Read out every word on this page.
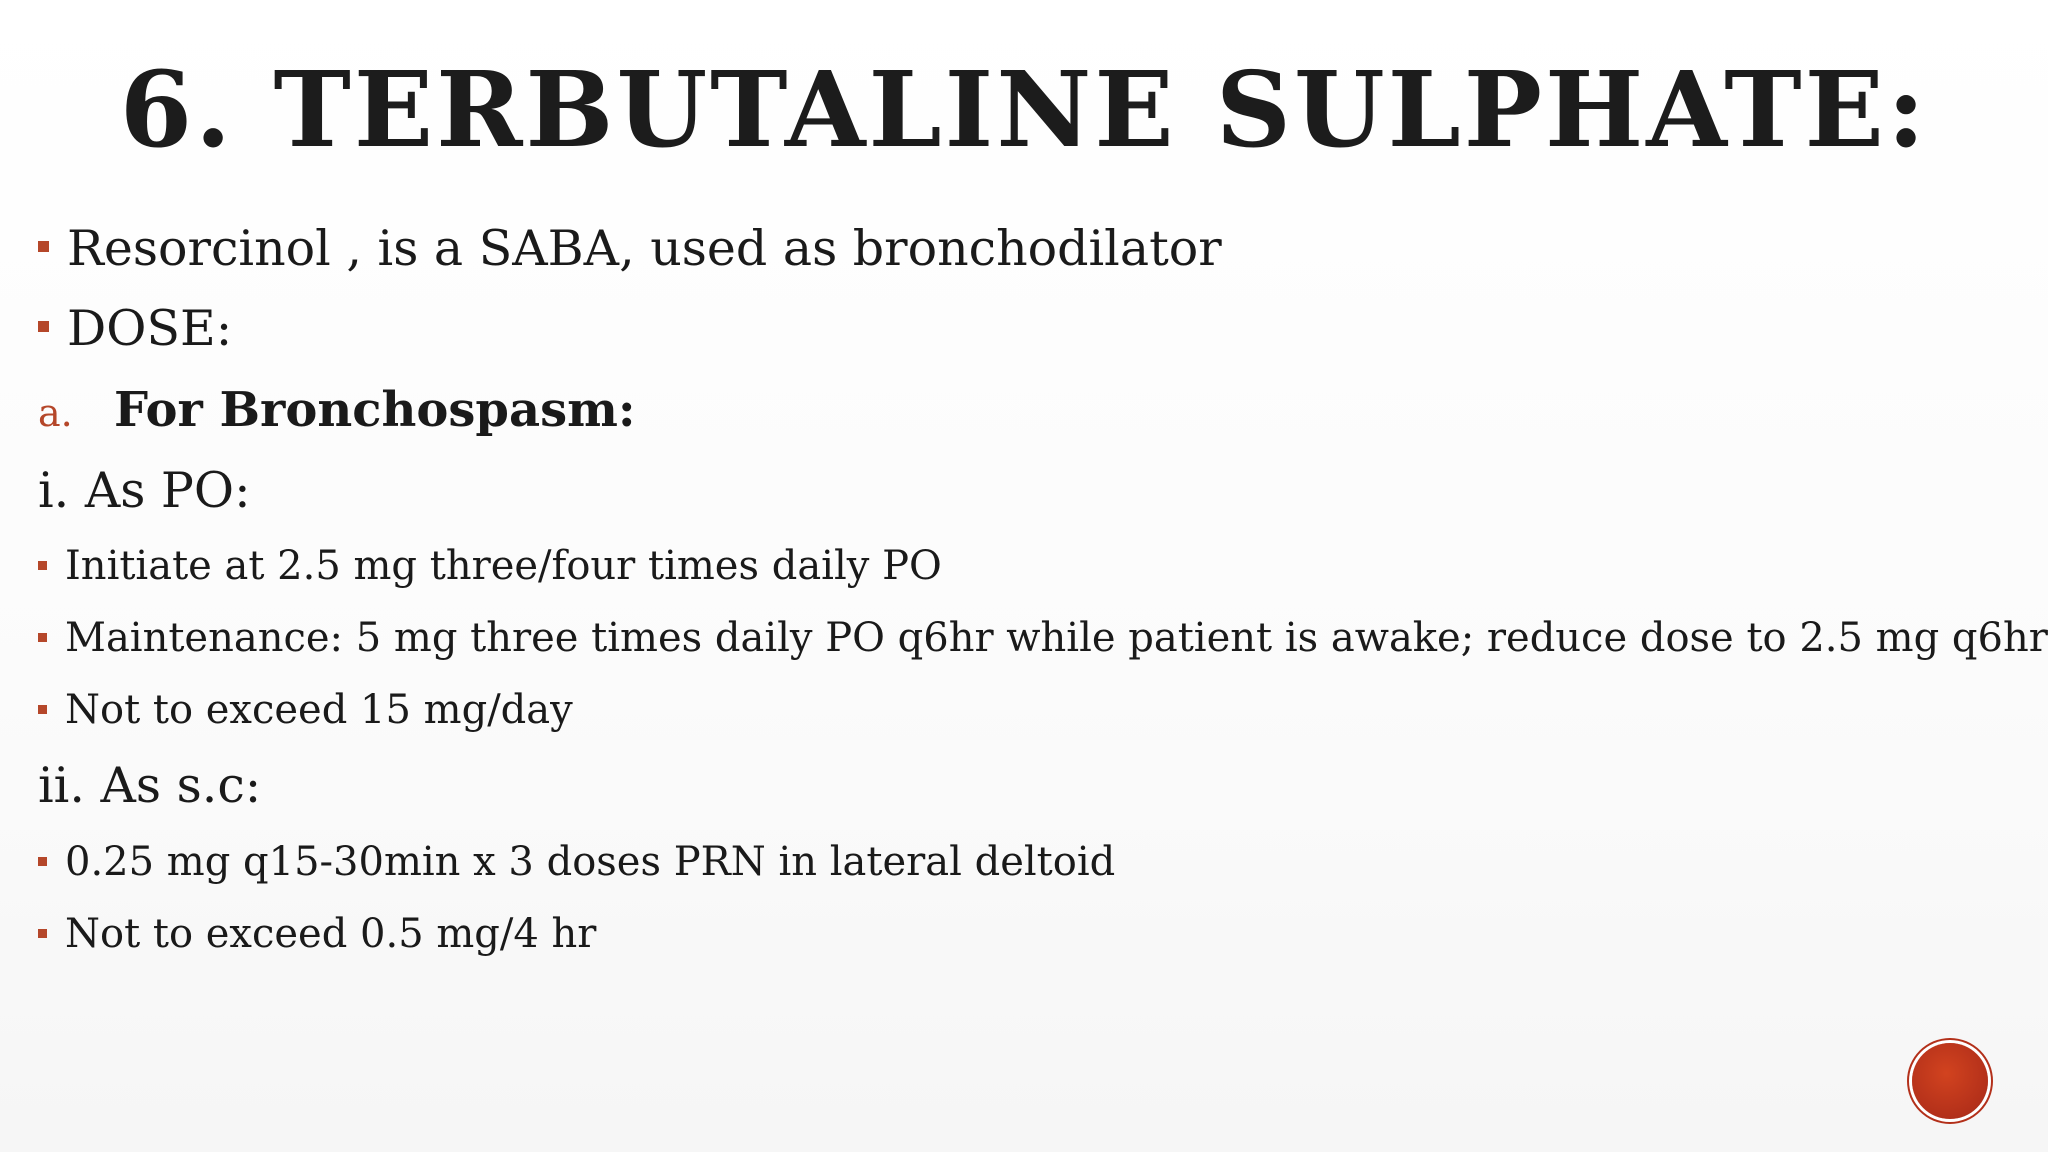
6. TERBUTALINE SULPHATE:
Resorcinol , is a SABA, used as bronchodilator
DOSE:
a. For Bronchospasm:
i. As PO:
Initiate at 2.5 mg three/four times daily PO
Maintenance: 5 mg three times daily PO q6hr while patient is awake; reduce dose to 2.5 mg q6hr
Not to exceed 15 mg/day
ii. As s.c:
0.25 mg q15-30min x 3 doses PRN in lateral deltoid
Not to exceed 0.5 mg/4 hr
